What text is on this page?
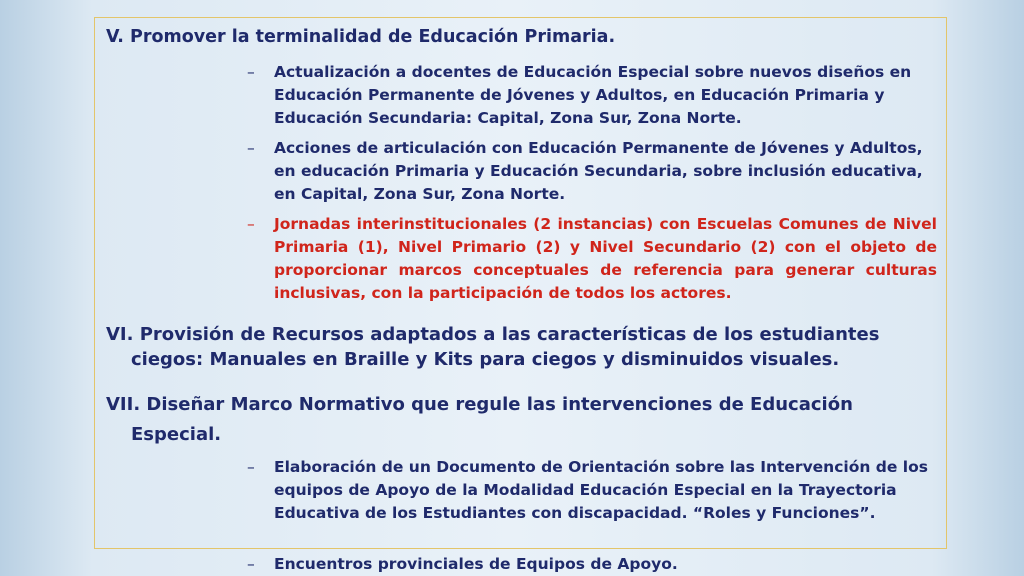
V. Promover la terminalidad de Educación Primaria.

– Actualización a docentes de Educación Especial sobre nuevos diseños en Educación Permanente de Jóvenes y Adultos, en Educación Primaria y Educación Secundaria: Capital, Zona Sur, Zona Norte.
– Acciones de articulación con Educación Permanente de Jóvenes y Adultos, en educación Primaria y Educación Secundaria, sobre inclusión educativa, en Capital, Zona Sur, Zona Norte.
– Jornadas interinstitucionales (2 instancias) con Escuelas Comunes de Nivel Primaria (1), Nivel Primario (2) y Nivel Secundario (2) con el objeto de proporcionar marcos conceptuales de referencia para generar culturas inclusivas, con la participación de todos los actores.

VI. Provisión de Recursos adaptados a las características de los estudiantes ciegos: Manuales en Braille y Kits para ciegos y disminuidos visuales.

VII. Diseñar Marco Normativo que regule las intervenciones de Educación Especial.

– Elaboración de un Documento de Orientación sobre las Intervención de los equipos de Apoyo de la Modalidad Educación Especial en la Trayectoria Educativa de los Estudiantes con discapacidad. “Roles y Funciones”.
– Encuentros provinciales de Equipos de Apoyo.
